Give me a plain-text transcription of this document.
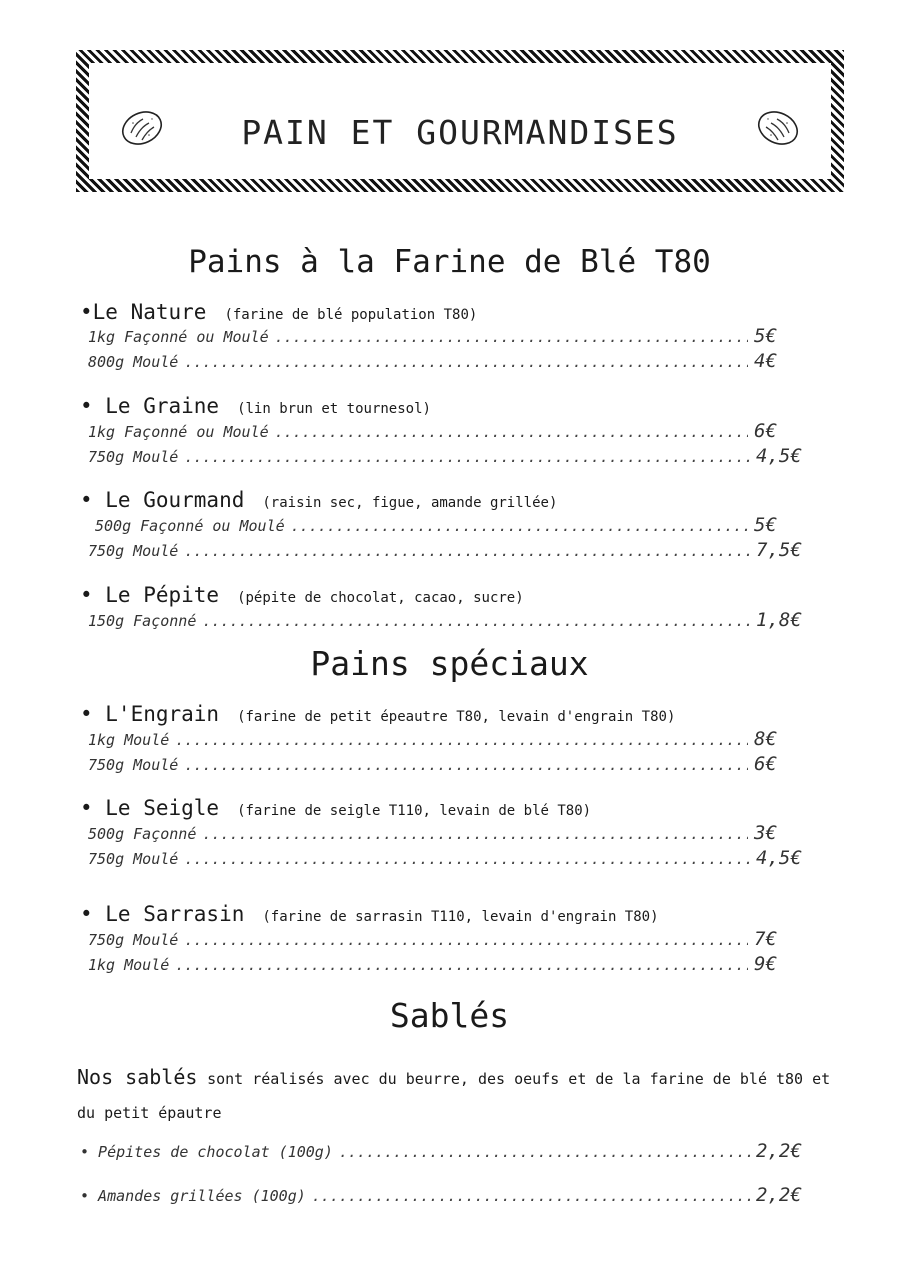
PAIN ET GOURMANDISES
Pains à la Farine de Blé T80
•Le Nature (farine de blé population T80)
1kg Façonné ou Moulé .....	5€
800g Moulé .....	4€
• Le Graine (lin brun et tournesol)
1kg Façonné ou Moulé .....	6€
750g Moulé .....	4,5€
• Le Gourmand (raisin sec, figue, amande grillée)
500g Façonné ou Moulé .....	5€
750g Moulé .....	7,5€
• Le Pépite (pépite de chocolat, cacao, sucre)
150g Façonné .....	1,8€
Pains spéciaux
• L'Engrain (farine de petit épeautre T80, levain d'engrain T80)
1kg Moulé .....	8€
750g Moulé .....	6€
• Le Seigle (farine de seigle T110, levain de blé T80)
500g Façonné .....	3€
750g Moulé .....	4,5€
• Le Sarrasin (farine de sarrasin T110, levain d'engrain T80)
750g Moulé .....	7€
1kg Moulé .....	9€
Sablés
Nos sablés sont réalisés avec du beurre, des oeufs et de la farine de blé t80 et du petit épautre
• Pépites de chocolat (100g) .....	2,2€
• Amandes grillées (100g) .....	2,2€
